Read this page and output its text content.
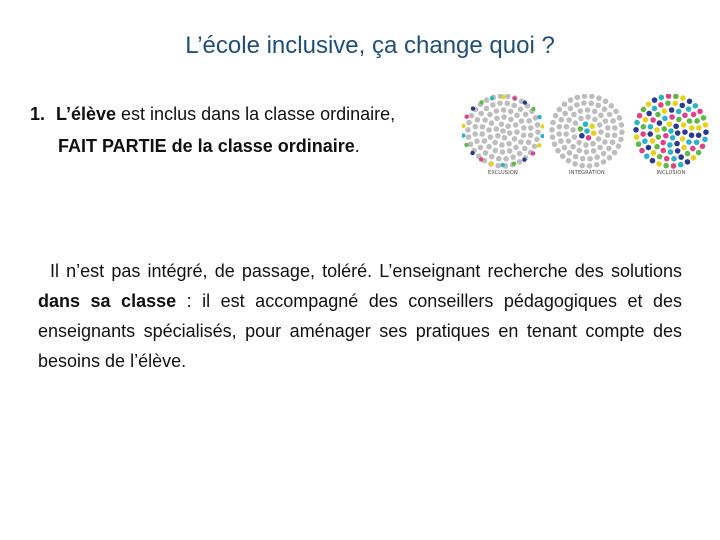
L’école inclusive, ça change quoi ?
1. L’élève est inclus dans la classe ordinaire,
FAIT PARTIE de la classe ordinaire.
EXCLUSION	INTEGRATION	INCLUSION
Il n’est pas intégré, de passage, toléré. L’enseignant recherche des solutions dans sa classe : il est accompagné des conseillers pédagogiques et des enseignants spécialisés, pour aménager ses pratiques en tenant compte des besoins de l’élève.
